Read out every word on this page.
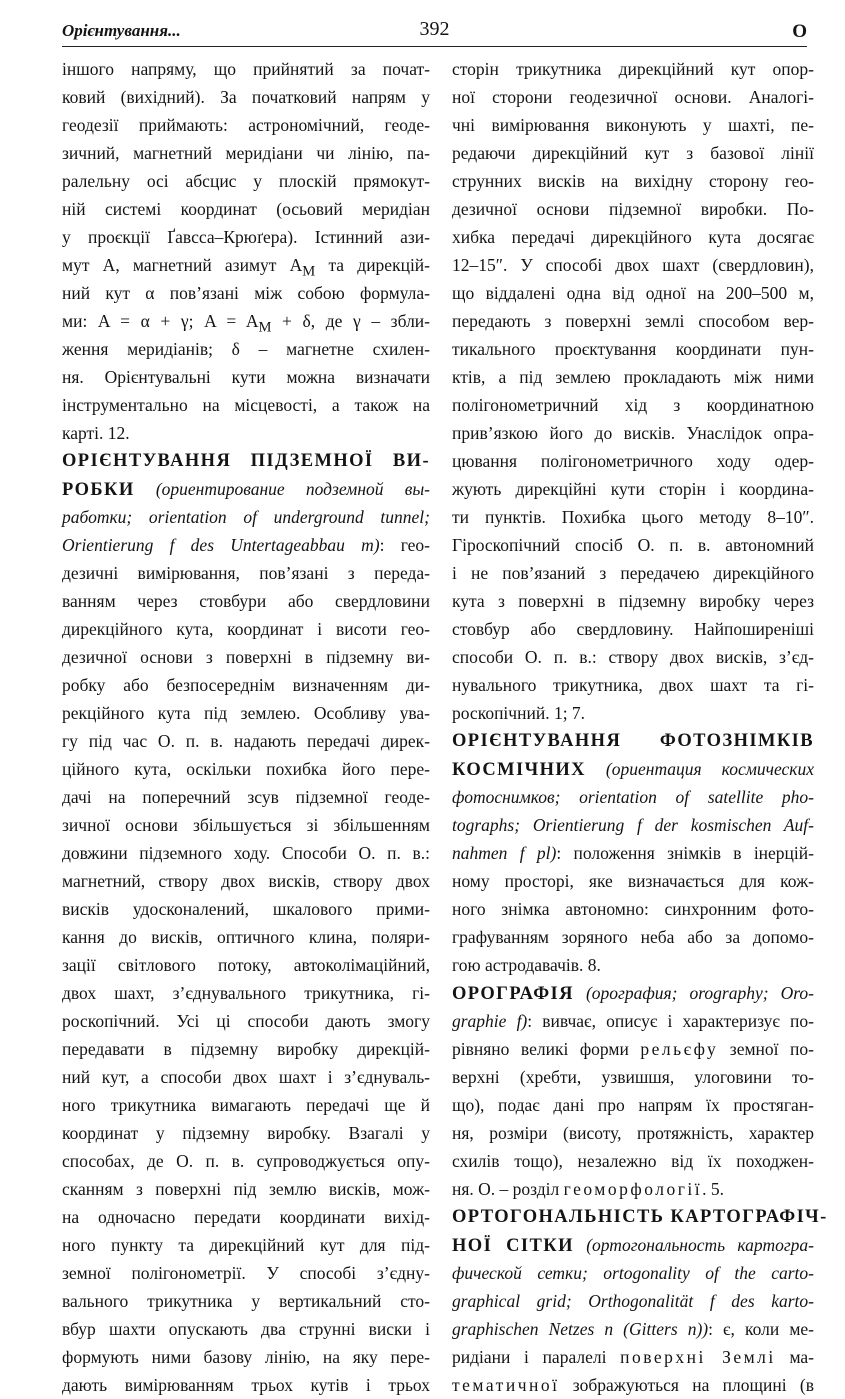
Орієнтування...	392	О
іншого напряму, що прийнятий за почат-
ковий (вихідний). За початковий напрям у
геодезії приймають: астрономічний, геоде-
зичний, магнетний меридіани чи лінію, па-
ралельну осі абсцис у плоскій прямокут-
ній системі координат (осьовий меридіан
у проєкції Ґавсса–Крюґера). Істинний ази-
мут А, магнетний азимут $А_М$ та дирекцій-
ний кут α пов’язані між собою формула-
ми: A = α + γ; $A = A_M + \delta$, де γ – збли-
ження меридіанів; δ – магнетне схилен-
ня. Орієнтувальні кути можна визначати
інструментально на місцевості, а також на
карті. 12.
ОРІЄНТУВАННЯ ПІДЗЕМНОЇ ВИ-
РОБКИ (ориентирование подземной вы-
работки; orientation of underground tunnel;
Orientierung f des Untertageabbau m): гео-
дезичні вимірювання, пов’язані з переда-
ванням через стовбури або свердловини
дирекційного кута, координат і висоти гео-
дезичної основи з поверхні в підземну ви-
робку або безпосереднім визначенням ди-
рекційного кута під землею. Особливу ува-
гу під час О. п. в. надають передачі дирек-
ційного кута, оскільки похибка його пере-
дачі на поперечний зсув підземної геоде-
зичної основи збільшується зі збільшенням
довжини підземного ходу. Способи О. п. в.:
магнетний, створу двох висків, створу двох
висків удосконалений, шкалового прими-
кання до висків, оптичного клина, поляри-
зації світлового потоку, автоколімаційний,
двох шахт, з’єднувального трикутника, гі-
роскопічний. Усі ці способи дають змогу
передавати в підземну виробку дирекцій-
ний кут, а способи двох шахт і з’єднуваль-
ного трикутника вимагають передачі ще й
координат у підземну виробку. Взагалі у
способах, де О. п. в. супроводжується опу-
сканням з поверхні під землю висків, мож-
на одночасно передати координати вихід-
ного пункту та дирекційний кут для під-
земної полігонометрії. У способі з’єдну-
вального трикутника у вертикальний сто-
вбур шахти опускають два струнні виски і
формують ними базову лінію, на яку пере-
дають вимірюванням трьох кутів і трьох
сторін трикутника дирекційний кут опор-
ної сторони геодезичної основи. Аналогі-
чні вимірювання виконують у шахті, пе-
редаючи дирекційний кут з базової лінії
струнних висків на вихідну сторону гео-
дезичної основи підземної виробки. По-
хибка передачі дирекційного кута досягає
12–15″. У способі двох шахт (свердловин),
що віддалені одна від одної на 200–500 м,
передають з поверхні землі способом вер-
тикального проєктування координати пун-
ктів, а під землею прокладають між ними
полігонометричний хід з координатною
прив’язкою його до висків. Унаслідок опра-
цювання полігонометричного ходу одер-
жують дирекційні кути сторін і координа-
ти пунктів. Похибка цього методу 8–10″.
Гіроскопічний спосіб О. п. в. автономний
і не пов’язаний з передачею дирекційного
кута з поверхні в підземну виробку через
стовбур або свердловину. Найпоширеніші
способи О. п. в.: створу двох висків, з’єд-
нувального трикутника, двох шахт та гі-
роскопічний. 1; 7.
ОРІЄНТУВАННЯ ФОТОЗНІМКІВ
КОСМІЧНИХ (ориентация космических
фотоснимков; orientation of satellite pho-
tographs; Orientierung f der kosmischen Auf-
nahmen f pl): положення знімків в інерцій-
ному просторі, яке визначається для кож-
ного знімка автономно: синхронним фото-
графуванням зоряного неба або за допомо-
гою астродавачів. 8.
ОРОГРАФІЯ (орография; orography; Oro-
graphie f): вивчає, описує і характеризує по-
рівняно великі форми рельєфу земної по-
верхні (хребти, узвишшя, улоговини то-
що), подає дані про напрям їх простяган-
ня, розміри (висоту, протяжність, характер
схилів тощо), незалежно від їх походжен-
ня. О. – розділ геоморфології. 5.
ОРТОГОНАЛЬНІСТЬ КАРТОГРАФІЧ-
НОЇ СІТКИ (ортогональность картогра-
фической сетки; ortogonality of the carto-
graphical grid; Orthogonalität f des karto-
graphischen Netzes n (Gitters n)): є, коли ме-
ридіани і паралелі поверхні Землі ма-
тематичної зображуються на площині (в
